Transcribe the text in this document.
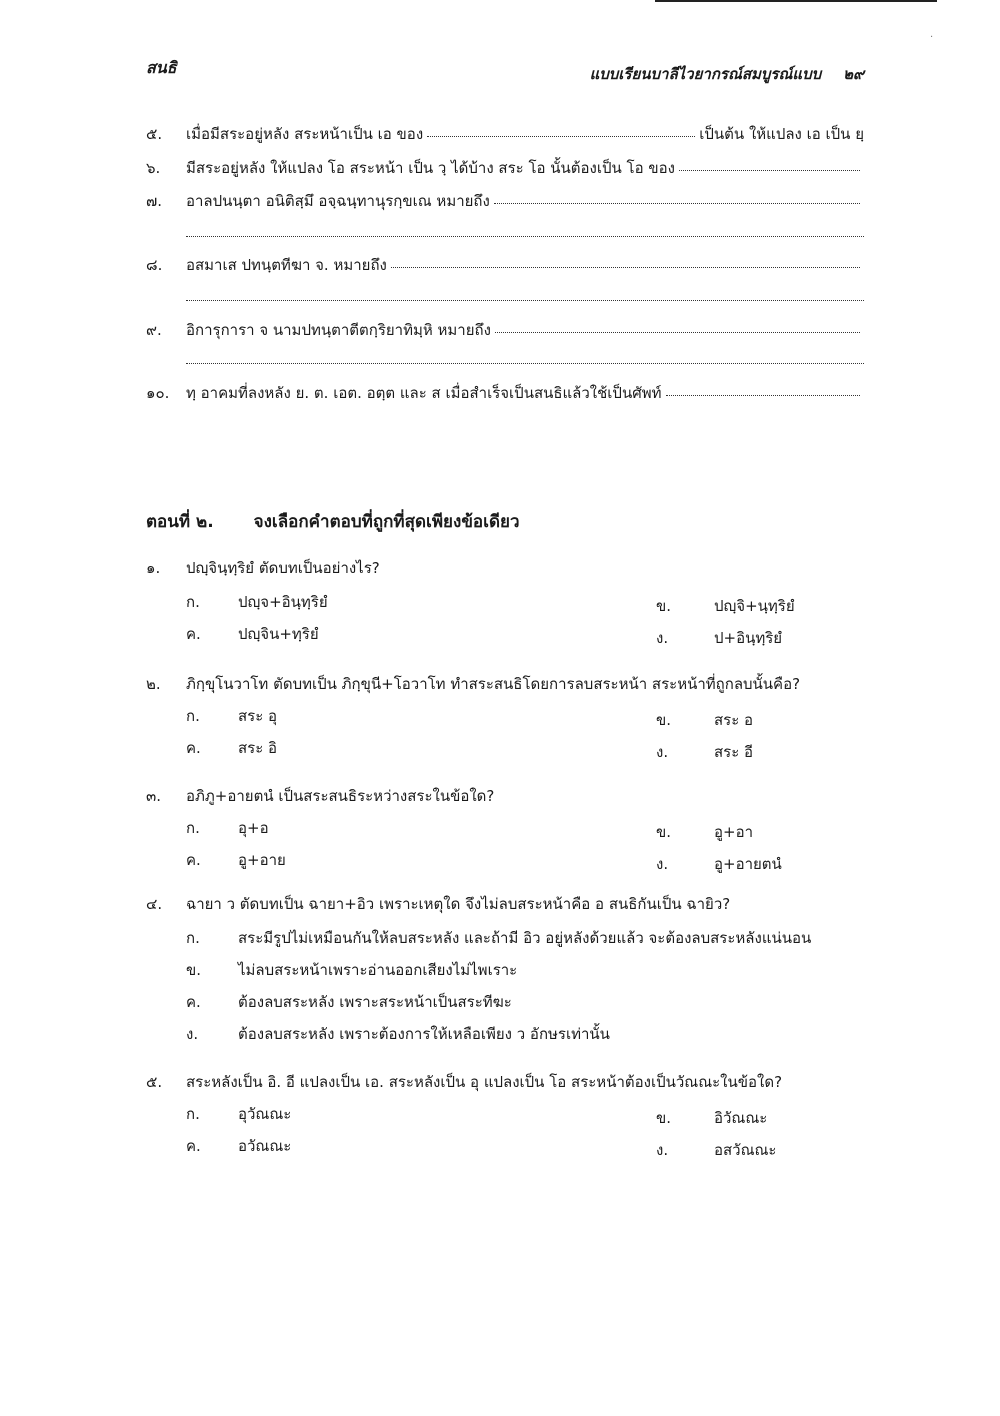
·
สนธิ	แบบเรียนบาลีไวยากรณ์สมบูรณ์แบบ ๒๙
๕. เมื่อมีสระอยู่หลัง สระหน้าเป็น เอ ของ	เป็นต้น ให้แปลง เอ เป็น ยฺ
๖. มีสระอยู่หลัง ให้แปลง โอ สระหน้า เป็น วฺ ได้บ้าง สระ โอ นั้นต้องเป็น โอ ของ
๗. อาลปนนฺตา อนิติสฺมึ อจฺฉนฺทานุรกฺขเณ หมายถึง
๘. อสมาเส ปทนฺตทีฆา จ. หมายถึง
๙. อิการุการา จ นามปทนฺตาตีตกฺริยาทิมฺหิ หมายถึง
๑๐. ทฺ อาคมที่ลงหลัง ย. ต. เอต. อตฺต และ ส เมื่อสำเร็จเป็นสนธิแล้วใช้เป็นศัพท์
ตอนที่ ๒. จงเลือกคำตอบที่ถูกที่สุดเพียงข้อเดียว
๑. ปญฺจินฺทฺริยํ ตัดบทเป็นอย่างไร?
ก.	ปญฺจ+อินฺทฺริยํ	ข.	ปญฺจิ+นฺทฺริยํ
ค. ปญฺจิน+ทฺริยํ	ง.	ป+อินฺทฺริยํ
๒. ภิกฺขุโนวาโท ตัดบทเป็น ภิกฺขุนี+โอวาโท ทำสระสนธิโดยการลบสระหน้า สระหน้าที่ถูกลบนั้นคือ?
ก.	สระ อุ	ข.	สระ อ
ค. สระ อิ	ง.	สระ อี
๓. อภิภู+อายตนํ เป็นสระสนธิระหว่างสระในข้อใด?
ก.	อุ+อ	ข.	อู+อา
ค. อู+อาย	ง.	อู+อายตนํ
๔. ฉายา ว ตัดบทเป็น ฉายา+อิว เพราะเหตุใด จึงไม่ลบสระหน้าคือ อ สนธิกันเป็น ฉายิว?
ก.	สระมีรูปไม่เหมือนกันให้ลบสระหลัง และถ้ามี อิว อยู่หลังด้วยแล้ว จะต้องลบสระหลังแน่นอน
ข. ไม่ลบสระหน้าเพราะอ่านออกเสียงไม่ไพเราะ
ค. ต้องลบสระหลัง เพราะสระหน้าเป็นสระทีฆะ
ง.	ต้องลบสระหลัง เพราะต้องการให้เหลือเพียง ว อักษรเท่านั้น
๕. สระหลังเป็น อิ. อี แปลงเป็น เอ. สระหลังเป็น อุ แปลงเป็น โอ สระหน้าต้องเป็นวัณณะในข้อใด?
ก.	อุวัณณะ	ข.	อิวัณณะ
ค. อวัณณะ	ง.	อสวัณณะ
